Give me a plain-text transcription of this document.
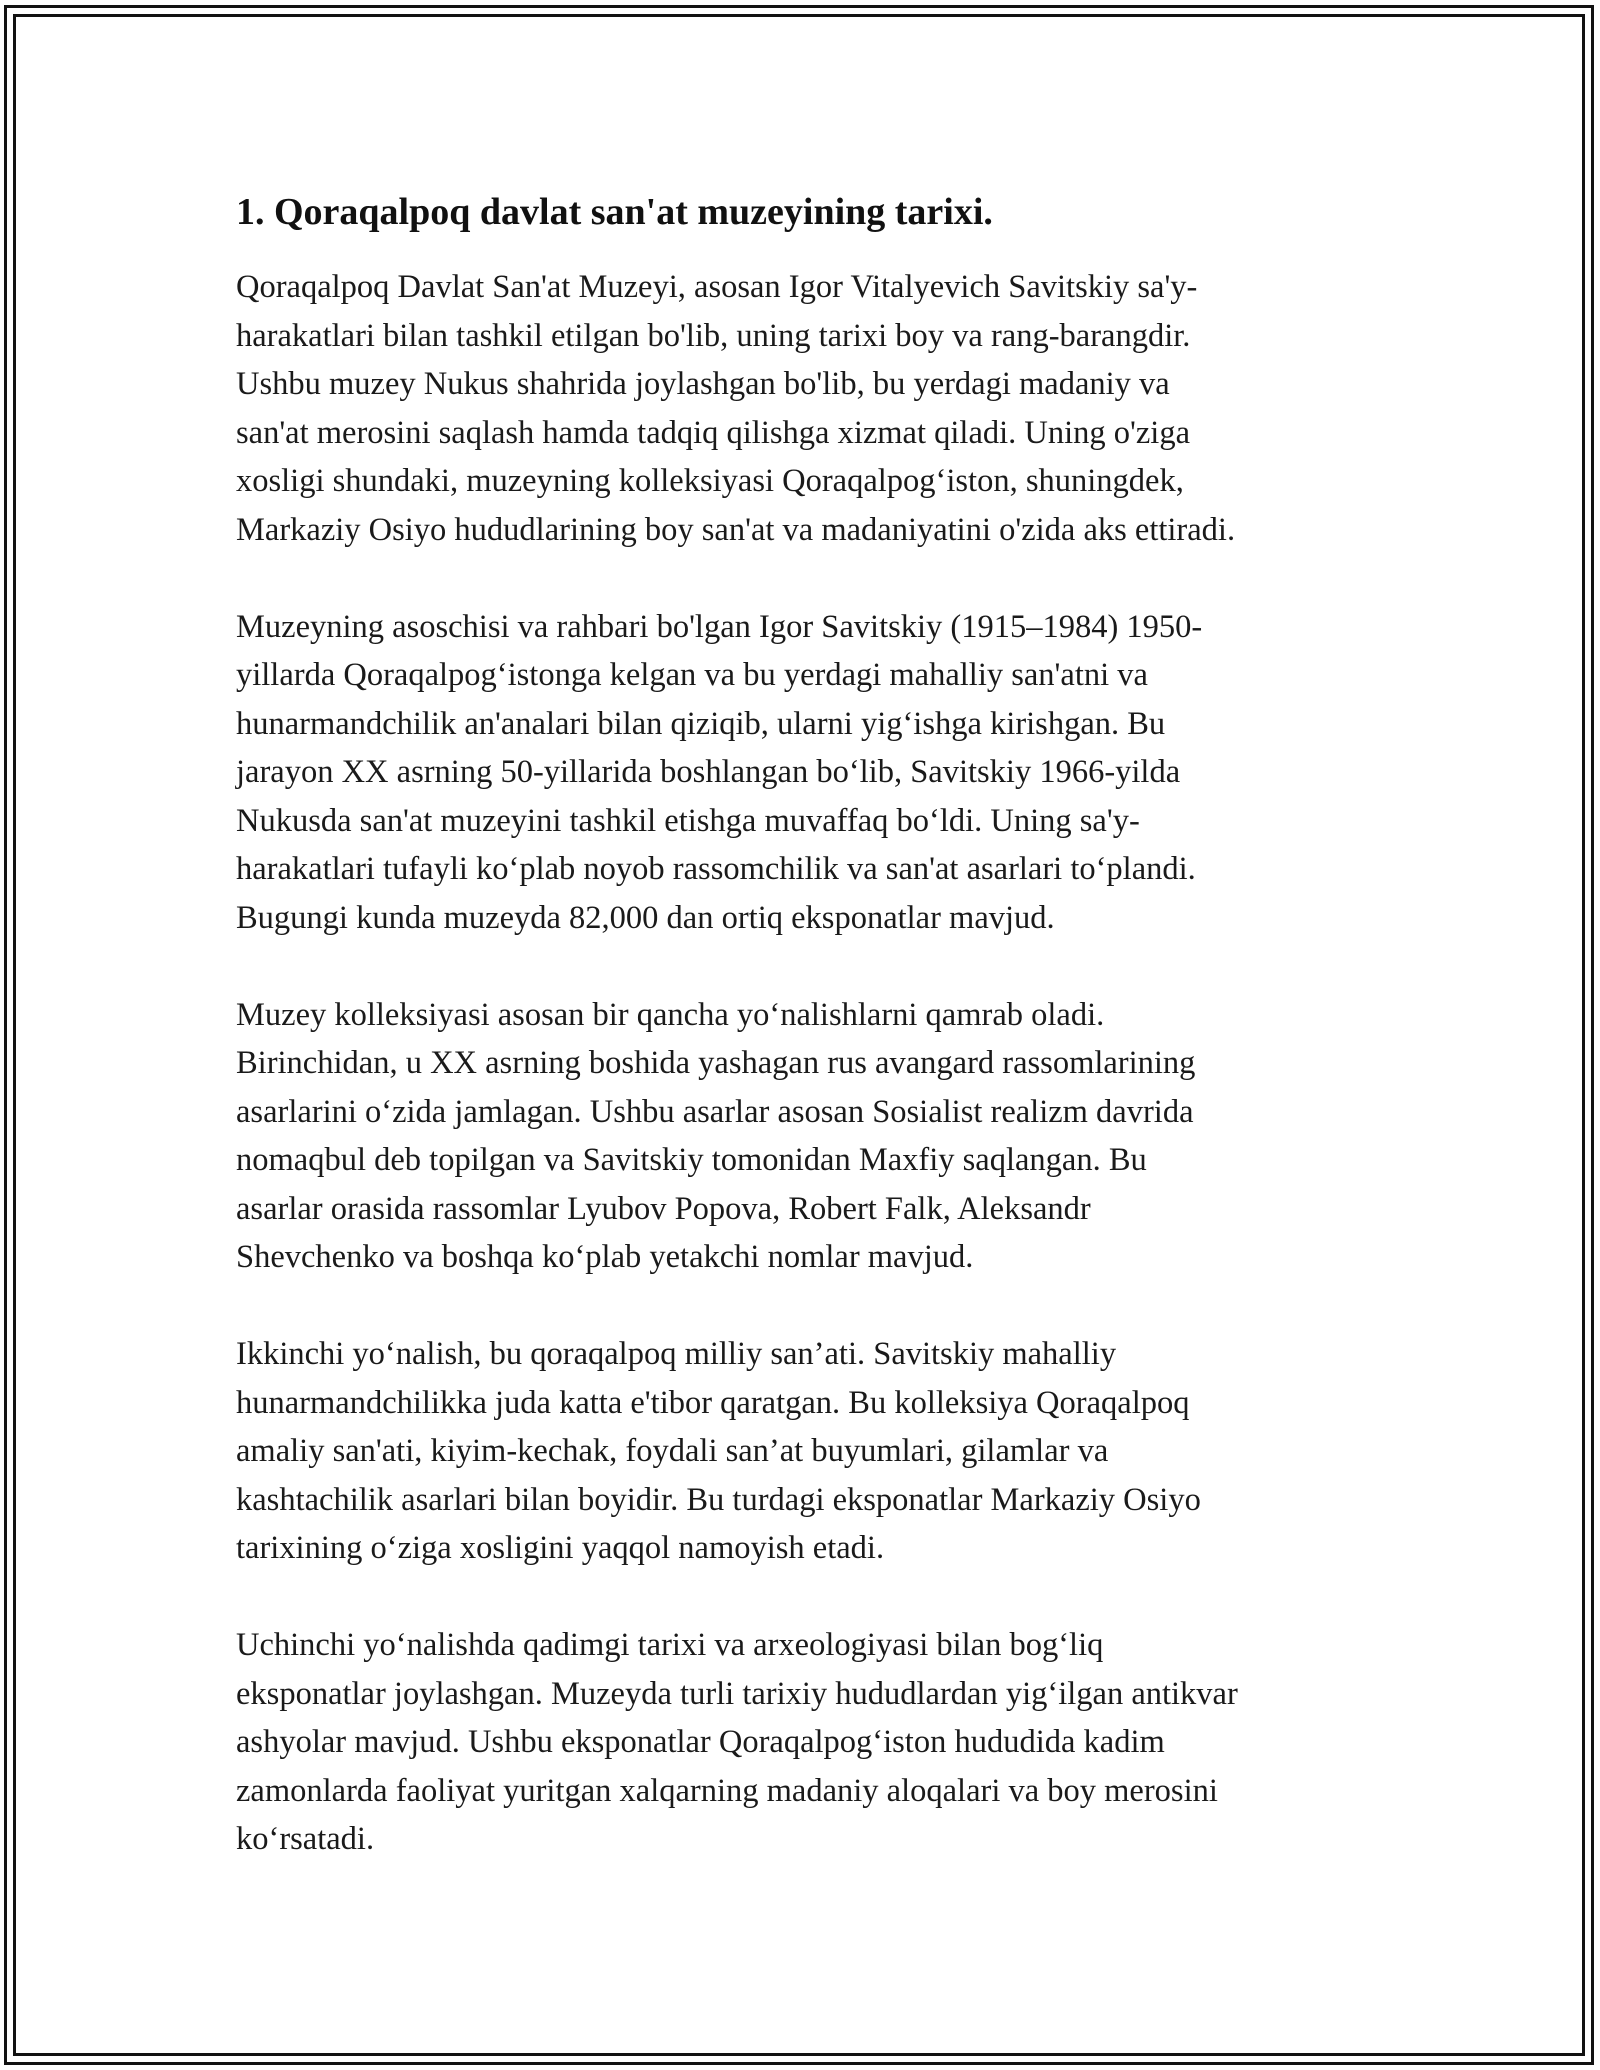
1. Qoraqalpoq davlat san'at muzeyining tarixi.

Qoraqalpoq Davlat San'at Muzeyi, asosan Igor Vitalyevich Savitskiy sa'y-
harakatlari bilan tashkil etilgan bo'lib, uning tarixi boy va rang-barangdir.
Ushbu muzey Nukus shahrida joylashgan bo'lib, bu yerdagi madaniy va
san'at merosini saqlash hamda tadqiq qilishga xizmat qiladi. Uning o'ziga
xosligi shundaki, muzeyning kolleksiyasi Qoraqalpog‘iston, shuningdek,
Markaziy Osiyo hududlarining boy san'at va madaniyatini o'zida aks ettiradi.

Muzeyning asoschisi va rahbari bo'lgan Igor Savitskiy (1915–1984) 1950-
yillarda Qoraqalpog‘istonga kelgan va bu yerdagi mahalliy san'atni va
hunarmandchilik an'analari bilan qiziqib, ularni yig‘ishga kirishgan. Bu
jarayon XX asrning 50-yillarida boshlangan bo‘lib, Savitskiy 1966-yilda
Nukusda san'at muzeyini tashkil etishga muvaffaq bo‘ldi. Uning sa'y-
harakatlari tufayli ko‘plab noyob rassomchilik va san'at asarlari to‘plandi.
Bugungi kunda muzeyda 82,000 dan ortiq eksponatlar mavjud.

Muzey kolleksiyasi asosan bir qancha yo‘nalishlarni qamrab oladi.
Birinchidan, u XX asrning boshida yashagan rus avangard rassomlarining
asarlarini o‘zida jamlagan. Ushbu asarlar asosan Sosialist realizm davrida
nomaqbul deb topilgan va Savitskiy tomonidan Maxfiy saqlangan. Bu
asarlar orasida rassomlar Lyubov Popova, Robert Falk, Aleksandr
Shevchenko va boshqa ko‘plab yetakchi nomlar mavjud.

Ikkinchi yo‘nalish, bu qoraqalpoq milliy san’ati. Savitskiy mahalliy
hunarmandchilikka juda katta e'tibor qaratgan. Bu kolleksiya Qoraqalpoq
amaliy san'ati, kiyim-kechak, foydali san’at buyumlari, gilamlar va
kashtachilik asarlari bilan boyidir. Bu turdagi eksponatlar Markaziy Osiyo
tarixining o‘ziga xosligini yaqqol namoyish etadi.

Uchinchi yo‘nalishda qadimgi tarixi va arxeologiyasi bilan bog‘liq
eksponatlar joylashgan. Muzeyda turli tarixiy hududlardan yig‘ilgan antikvar
ashyolar mavjud. Ushbu eksponatlar Qoraqalpog‘iston hududida kadim
zamonlarda faoliyat yuritgan xalqarning madaniy aloqalari va boy merosini
ko‘rsatadi.
